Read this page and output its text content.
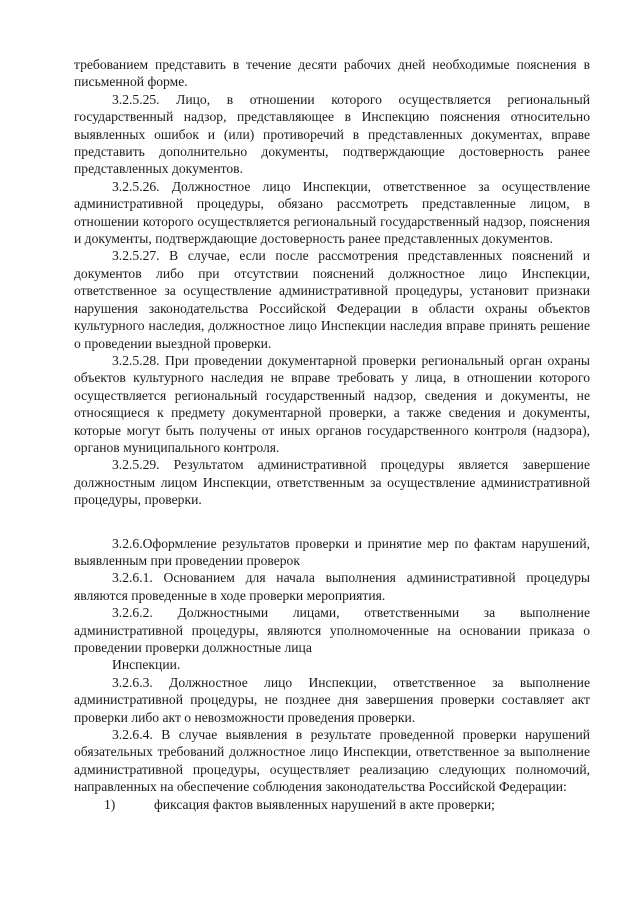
требованием представить в течение десяти рабочих дней необходимые пояснения в письменной форме.

3.2.5.25. Лицо, в отношении которого осуществляется региональный государственный надзор, представляющее в Инспекцию пояснения относительно выявленных ошибок и (или) противоречий в представленных документах, вправе представить дополнительно документы, подтверждающие достоверность ранее представленных документов.

3.2.5.26. Должностное лицо Инспекции, ответственное за осуществление административной процедуры, обязано рассмотреть представленные лицом, в отношении которого осуществляется региональный государственный надзор, пояснения и документы, подтверждающие достоверность ранее представленных документов.

3.2.5.27. В случае, если после рассмотрения представленных пояснений и документов либо при отсутствии пояснений должностное лицо Инспекции, ответственное за осуществление административной процедуры, установит признаки нарушения законодательства Российской Федерации в области охраны объектов культурного наследия, должностное лицо Инспекции наследия вправе принять решение о проведении выездной проверки.

3.2.5.28. При проведении документарной проверки региональный орган охраны объектов культурного наследия не вправе требовать у лица, в отношении которого осуществляется региональный государственный надзор, сведения и документы, не относящиеся к предмету документарной проверки, а также сведения и документы, которые могут быть получены от иных органов государственного контроля (надзора), органов муниципального контроля.

3.2.5.29. Результатом административной процедуры является завершение должностным лицом Инспекции, ответственным за осуществление административной процедуры, проверки.

3.2.6.Оформление результатов проверки и принятие мер по фактам нарушений, выявленным при проведении проверок

3.2.6.1. Основанием для начала выполнения административной процедуры являются проведенные в ходе проверки мероприятия.

3.2.6.2. Должностными лицами, ответственными за выполнение административной процедуры, являются уполномоченные на основании приказа о проведении проверки должностные лица

Инспекции.

3.2.6.3. Должностное лицо Инспекции, ответственное за выполнение административной процедуры, не позднее дня завершения проверки составляет акт проверки либо акт о невозможности проведения проверки.

3.2.6.4. В случае выявления в результате проведенной проверки нарушений обязательных требований должностное лицо Инспекции, ответственное за выполнение административной процедуры, осуществляет реализацию следующих полномочий, направленных на обеспечение соблюдения законодательства Российской Федерации:

1)	фиксация фактов выявленных нарушений в акте проверки;
